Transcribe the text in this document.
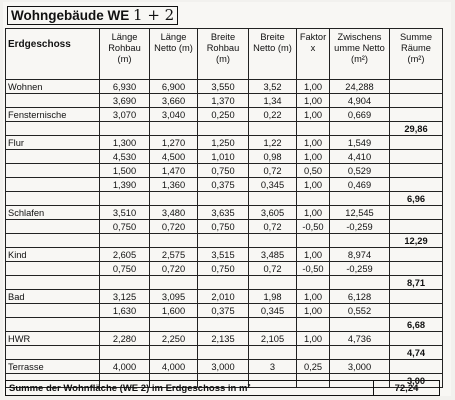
Wohngebäude WE 1 + 2
Erdgeschoss	Länge Rohbau (m)	Länge Netto (m)	Breite Rohbau (m)	Breite Netto (m)	Faktor x	Zwischens umme Netto (m²)	Summe Räume (m²)
Wohnen	6,930	6,900	3,550	3,52	1,00	24,288	
	3,690	3,660	1,370	1,34	1,00	4,904	
Fensternische	3,070	3,040	0,250	0,22	1,00	0,669	
							29,86
Flur	1,300	1,270	1,250	1,22	1,00	1,549	
	4,530	4,500	1,010	0,98	1,00	4,410	
	1,500	1,470	0,750	0,72	0,50	0,529	
	1,390	1,360	0,375	0,345	1,00	0,469	
							6,96
Schlafen	3,510	3,480	3,635	3,605	1,00	12,545	
	0,750	0,720	0,750	0,72	-0,50	-0,259	
							12,29
Kind	2,605	2,575	3,515	3,485	1,00	8,974	
	0,750	0,720	0,750	0,72	-0,50	-0,259	
							8,71
Bad	3,125	3,095	2,010	1,98	1,00	6,128	
	1,630	1,600	0,375	0,345	1,00	0,552	
							6,68
HWR	2,280	2,250	2,135	2,105	1,00	4,736	
							4,74
Terrasse	4,000	4,000	3,000	3	0,25	3,000	
							3,00
Summe der Wohnfläche (WE 2) im Erdgeschoss in m²	72,24
